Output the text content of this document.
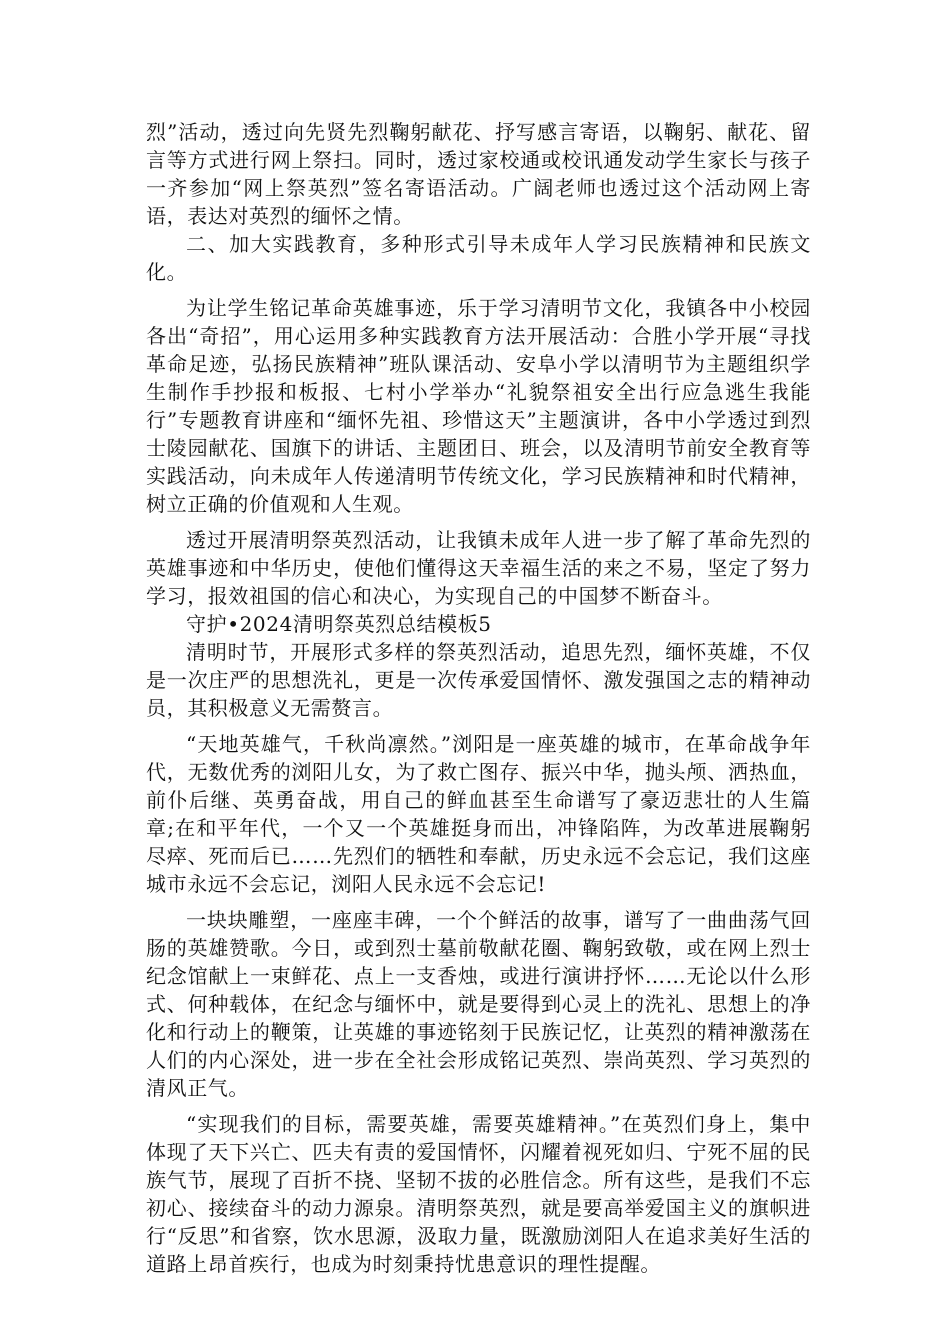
烈”活动，透过向先贤先烈鞠躬献花、抒写感言寄语，以鞠躬、献花、留言等方式进行网上祭扫。同时，透过家校通或校讯通发动学生家长与孩子一齐参加“网上祭英烈”签名寄语活动。广阔老师也透过这个活动网上寄语，表达对英烈的缅怀之情。

二、加大实践教育，多种形式引导未成年人学习民族精神和民族文化。

为让学生铭记革命英雄事迹，乐于学习清明节文化，我镇各中小校园各出“奇招”，用心运用多种实践教育方法开展活动：合胜小学开展“寻找革命足迹，弘扬民族精神”班队课活动、安阜小学以清明节为主题组织学生制作手抄报和板报、七村小学举办“礼貌祭祖安全出行应急逃生我能行”专题教育讲座和“缅怀先祖、珍惜这天”主题演讲，各中小学透过到烈士陵园献花、国旗下的讲话、主题团日、班会，以及清明节前安全教育等实践活动，向未成年人传递清明节传统文化，学习民族精神和时代精神，树立正确的价值观和人生观。

透过开展清明祭英烈活动，让我镇未成年人进一步了解了革命先烈的英雄事迹和中华历史，使他们懂得这天幸福生活的来之不易，坚定了努力学习，报效祖国的信心和决心，为实现自己的中国梦不断奋斗。

守护•2024清明祭英烈总结模板5

清明时节，开展形式多样的祭英烈活动，追思先烈，缅怀英雄，不仅是一次庄严的思想洗礼，更是一次传承爱国情怀、激发强国之志的精神动员，其积极意义无需赘言。

“天地英雄气，千秋尚凛然。”浏阳是一座英雄的城市，在革命战争年代，无数优秀的浏阳儿女，为了救亡图存、振兴中华，抛头颅、洒热血，前仆后继、英勇奋战，用自己的鲜血甚至生命谱写了豪迈悲壮的人生篇章;在和平年代，一个又一个英雄挺身而出，冲锋陷阵，为改革进展鞠躬尽瘁、死而后已……先烈们的牺牲和奉献，历史永远不会忘记，我们这座城市永远不会忘记，浏阳人民永远不会忘记!

一块块雕塑，一座座丰碑，一个个鲜活的故事，谱写了一曲曲荡气回肠的英雄赞歌。今日，或到烈士墓前敬献花圈、鞠躬致敬，或在网上烈士纪念馆献上一束鲜花、点上一支香烛，或进行演讲抒怀……无论以什么形式、何种载体，在纪念与缅怀中，就是要得到心灵上的洗礼、思想上的净化和行动上的鞭策，让英雄的事迹铭刻于民族记忆，让英烈的精神激荡在人们的内心深处，进一步在全社会形成铭记英烈、崇尚英烈、学习英烈的清风正气。

“实现我们的目标，需要英雄，需要英雄精神。”在英烈们身上，集中体现了天下兴亡、匹夫有责的爱国情怀，闪耀着视死如归、宁死不屈的民族气节，展现了百折不挠、坚韧不拔的必胜信念。所有这些，是我们不忘初心、接续奋斗的动力源泉。清明祭英烈，就是要高举爱国主义的旗帜进行“反思”和省察，饮水思源，汲取力量，既激励浏阳人在追求美好生活的道路上昂首疾行，也成为时刻秉持忧患意识的理性提醒。
